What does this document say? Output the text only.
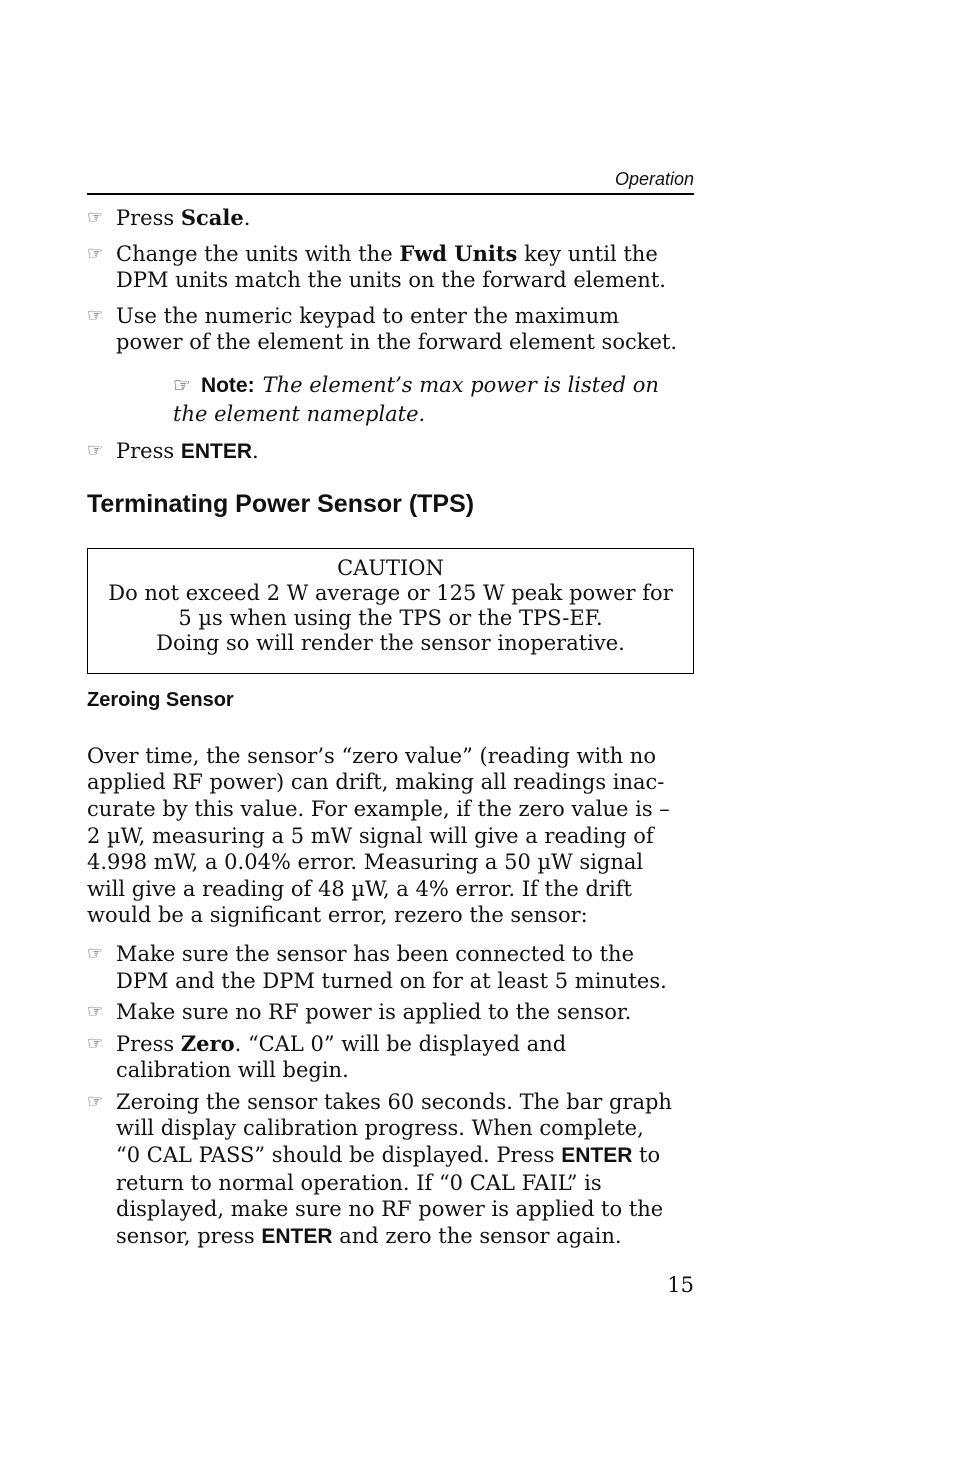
Operation
☞ Press Scale.
☞ Change the units with the Fwd Units key until the
DPM units match the units on the forward element.
☞ Use the numeric keypad to enter the maximum
power of the element in the forward element socket.
☞ Note: The element’s max power is listed on
the element nameplate.
☞ Press ENTER.
Terminating Power Sensor (TPS)
CAUTION
Do not exceed 2 W average or 125 W peak power for
5 µs when using the TPS or the TPS-EF.
Doing so will render the sensor inoperative.
Zeroing Sensor
Over time, the sensor’s “zero value” (reading with no
applied RF power) can drift, making all readings inac-
curate by this value. For example, if the zero value is –
2 µW, measuring a 5 mW signal will give a reading of
4.998 mW, a 0.04% error. Measuring a 50 µW signal
will give a reading of 48 µW, a 4% error. If the drift
would be a significant error, rezero the sensor:
☞ Make sure the sensor has been connected to the
DPM and the DPM turned on for at least 5 minutes.
☞ Make sure no RF power is applied to the sensor.
☞ Press Zero. “CAL 0” will be displayed and
calibration will begin.
☞ Zeroing the sensor takes 60 seconds. The bar graph
will display calibration progress. When complete,
“0 CAL PASS” should be displayed. Press ENTER to
return to normal operation. If “0 CAL FAIL” is
displayed, make sure no RF power is applied to the
sensor, press ENTER and zero the sensor again.
15
